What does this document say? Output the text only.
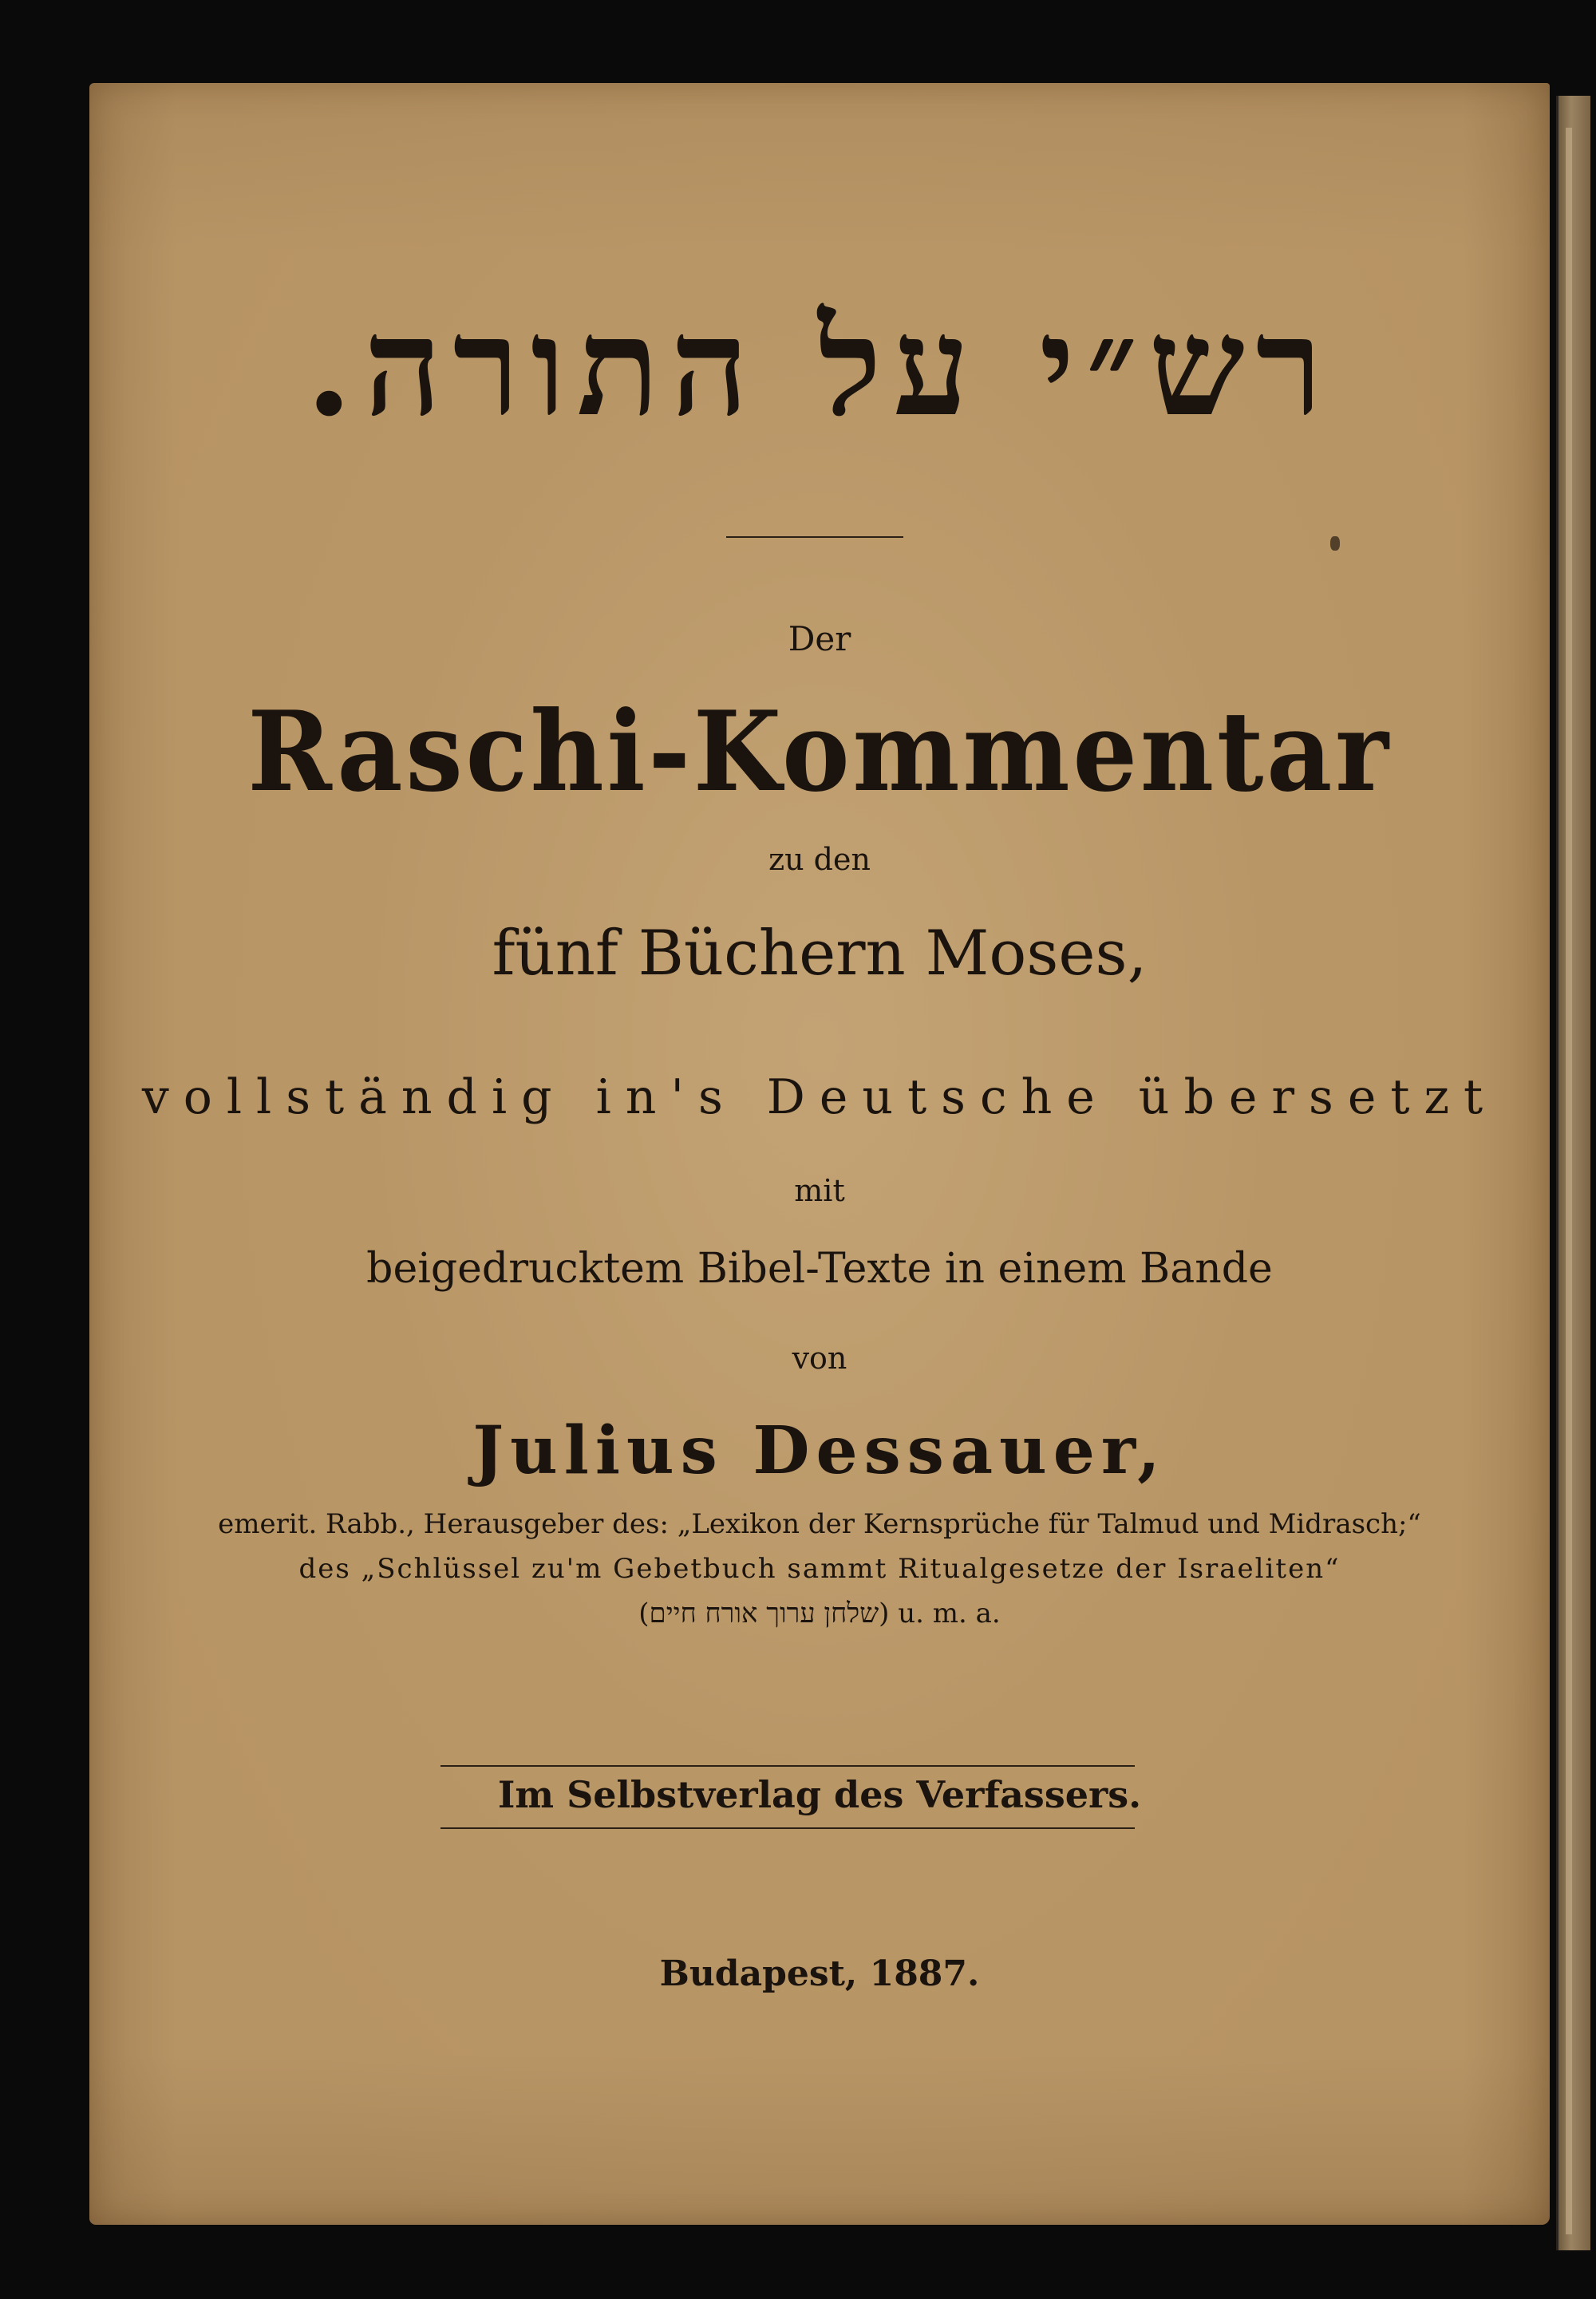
רש״י על התורה.
Der
Raschi-Kommentar
zu den
fünf Büchern Moses,
vollständig in's Deutsche übersetzt
mit
beigedrucktem Bibel-Texte in einem Bande
von
Julius Dessauer,
emerit. Rabb., Herausgeber des: „Lexikon der Kernsprüche für Talmud und Midrasch;“
des „Schlüssel zu'm Gebetbuch sammt Ritualgesetze der Israeliten“
(שלחן ערוך אורח חיים) u. m. a.
Im Selbstverlag des Verfassers.
Budapest, 1887.
